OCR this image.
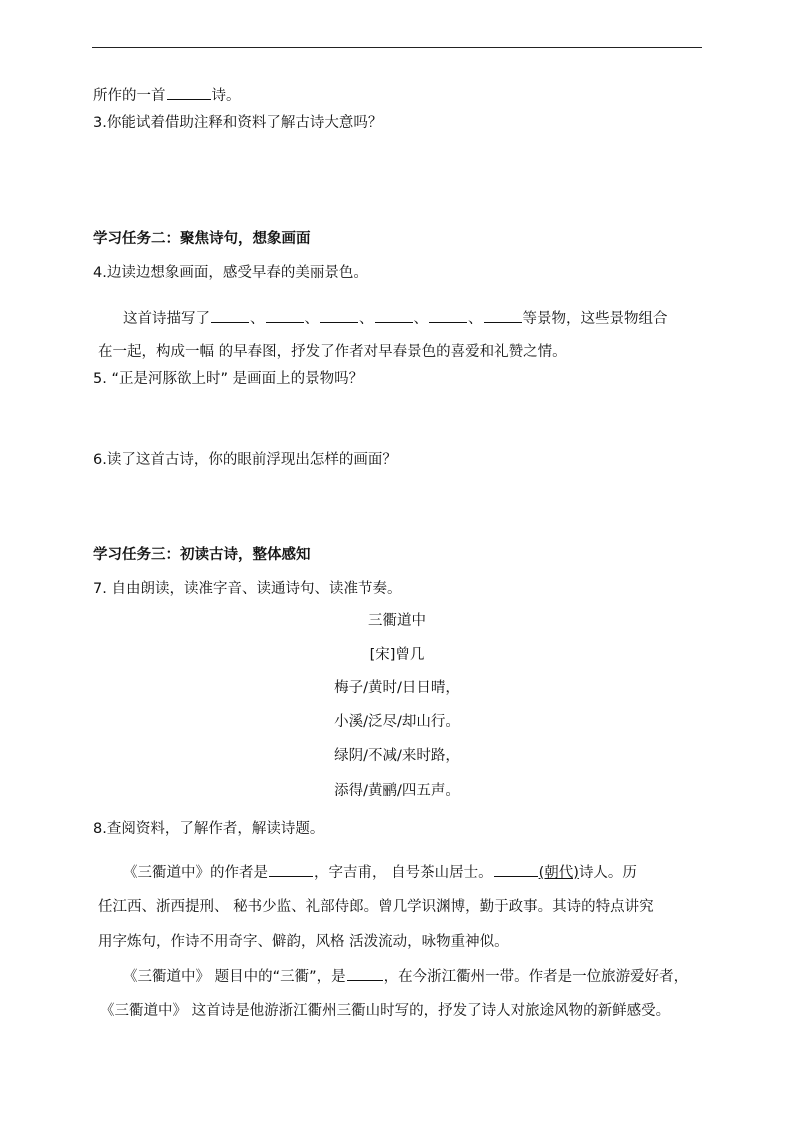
所作的一首	诗。
3.你能试着借助注释和资料了解古诗大意吗？
学习任务二：聚焦诗句，想象画面
4.边读边想象画面，感受早春的美丽景色。
这首诗描写了	、	、	、	、	、	等景物，这些景物组合
在一起，构成一幅 的早春图，抒发了作者对早春景色的喜爱和礼赞之情。
5. “正是河豚欲上时” 是画面上的景物吗？
6.读了这首古诗，你的眼前浮现出怎样的画面？
学习任务三：初读古诗，整体感知
7. 自由朗读，读准字音、读通诗句、读准节奏。
三衢道中
[宋]曾几
梅子/黄时/日日晴，
小溪/泛尽/却山行。
绿阴/不减/来时路，
添得/黄鹂/四五声。
8.查阅资料，了解作者，解读诗题。
《三衢道中》的作者是	，字吉甫， 自号茶山居士。	(朝代)诗人。历
任江西、浙西提刑、 秘书少监、礼部侍郎。曾几学识渊博，勤于政事。其诗的特点讲究
用字炼句，作诗不用奇字、僻韵，风格 活泼流动，咏物重神似。
《三衢道中》 题目中的“三衢”，是	，在今浙江衢州一带。作者是一位旅游爱好者，
《三衢道中》 这首诗是他游浙江衢州三衢山时写的，抒发了诗人对旅途风物的新鲜感受。
